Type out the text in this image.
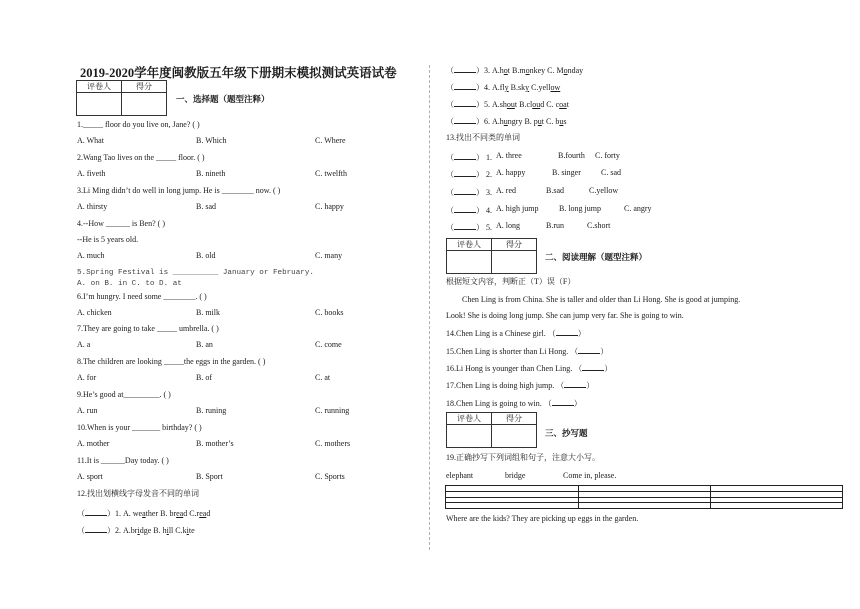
2019-2020学年度闽教版五年级下册期末模拟测试英语试卷
评卷人	得分

一、选择题（题型注释）
1._____ floor do you live on, Jane? ( )
A. What	B. Which	C. Where
2.Wang Tao lives on the _____ floor. ( )
A. fiveth	B. nineth	C. twelfth
3.Li Ming didn’t do well in long jump. He is ________ now. ( )
A. thirsty	B. sad	C. happy
4.--How ______ is Ben? ( )
--He is 5 years old.
A. much	B. old	C. many
5.Spring Festival is __________ January or February.
A. on B. in C. to D. at
6.I’m hungry. I need some ________. ( )
A. chicken	B. milk	C. books
7.They are going to take _____ umbrella. ( )
A. a	B. an	C. come
8.The children are looking _____the eggs in the garden. ( )
A. for	B. of	C. at
9.He’s good at_________. ( )
A. run	B. runing	C. running
10.When is your _______ birthday? ( )
A. mother	B. mother’s	C. mothers
11.It is ______Day today. ( )
A. sport	B. Sport	C. Sports
12.找出划横线字母发音不同的单词
（	）1. A. weather B. bread C.read
（	）2. A.bridge B. hill C.kite
（	）3. A.hot B.monkey C. Monday
（	）4. A.fly B.sky C.yellow
（	）5. A.shout B.cloud C. coat
（	）6. A.hungry B. put C. bus
13.找出不同类的单词
（	） 1. A. three	B.fourth C. forty
（	） 2. A. happy	B. singer	C. sad
（	） 3. A. red	B.sad	C.yellow
（	） 4. A. high jump	B. long jump	C. angry
（	） 5. A. long	B.run	C.short
根据短文内容，判断正（T）误（F）
Chen Ling is from China. She is taller and older than Li Hong. She is good at jumping.
Look! She is doing long jump. She can jump very far. She is going to win.
14.Chen Ling is a Chinese girl. （	）
15.Chen Ling is shorter than Li Hong. （	）
16.Li Hong is younger than Chen Ling. （	）
17.Chen Ling is doing high jump. （	）
18.Chen Ling is going to win. （	）
19.正确抄写下列词组和句子，注意大小写。
elephant	bridge	Come in, please.
Where are the kids? They are picking up eggs in the garden.
评卷人	得分

二、阅读理解（题型注释）
评卷人	得分

三、抄写题
